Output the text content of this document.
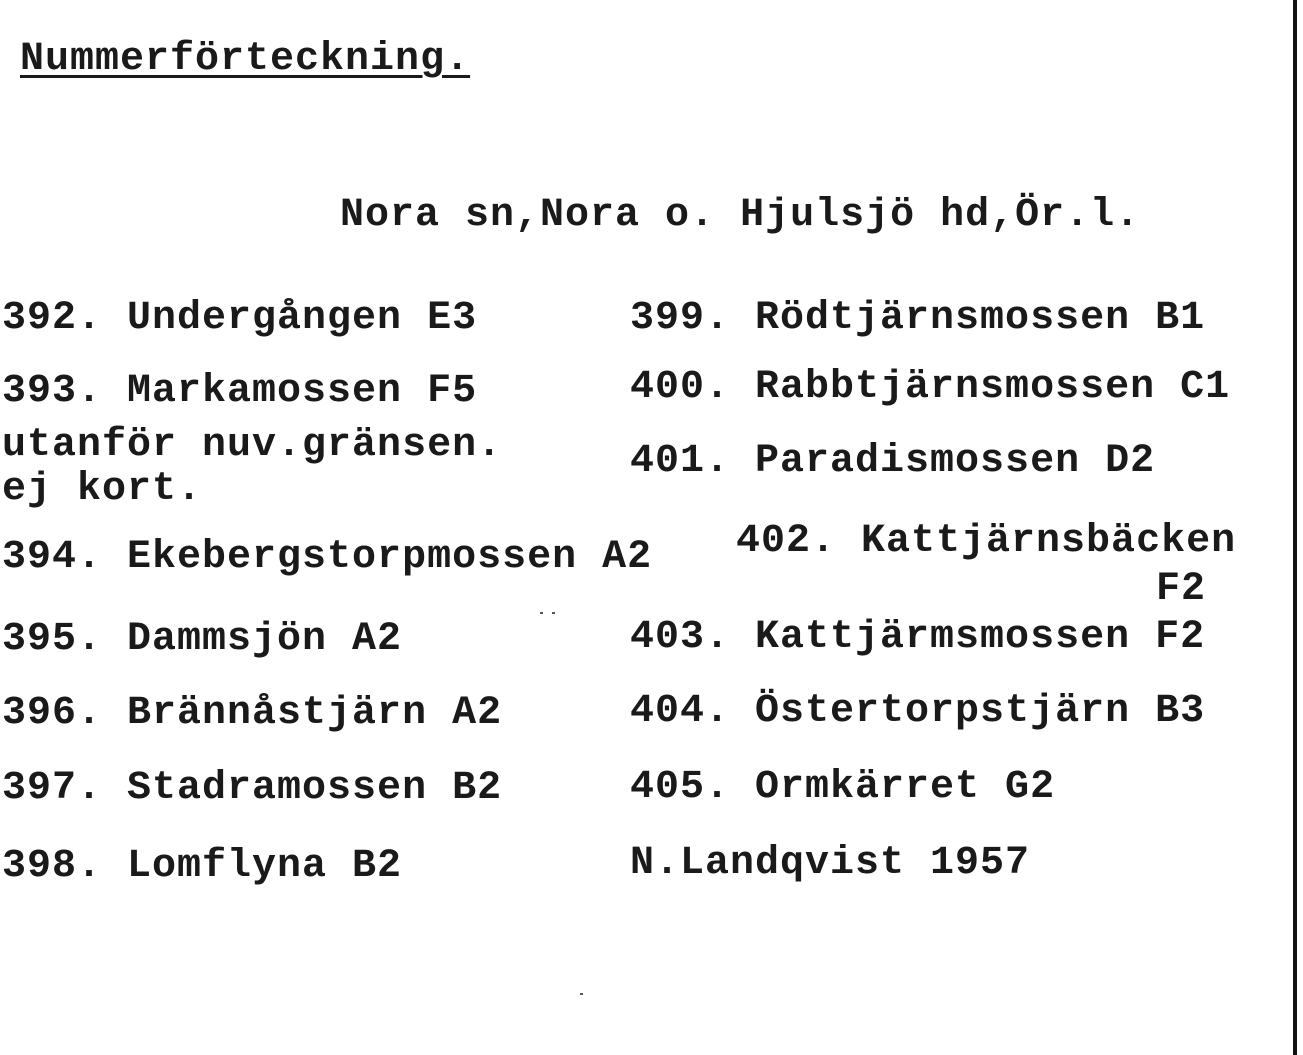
Nummerförteckning.
Nora sn,Nora o. Hjulsjö hd,Ör.l.
392. Undergången E3
393. Markamossen F5
utanför nuv.gränsen.
ej kort.
394. Ekebergstorpmossen A2
395. Dammsjön A2
396. Brännåstjärn A2
397. Stadramossen B2
398. Lomflyna B2
399. Rödtjärnsmossen B1
400. Rabbtjärnsmossen C1
401. Paradismossen D2
402. Kattjärnsbäcken
F2
403. Kattjärmsmossen F2
404. Östertorpstjärn B3
405. Ormkärret G2
N.Landqvist 1957
